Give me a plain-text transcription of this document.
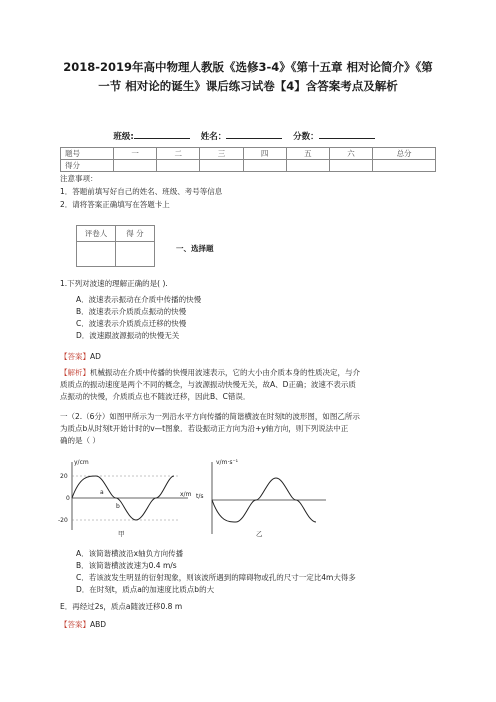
2018-2019年高中物理人教版《选修3-4》《第十五章 相对论简介》《第一节 相对论的诞生》课后练习试卷【4】含答案考点及解析
班级:	姓名：	分数：
题号	一	二	三	四	五	六	总分
得分							
注意事项：
1．答题前填写好自己的姓名、班级、考号等信息
2．请将答案正确填写在答题卡上
评卷人	得 分

一、选择题
1.下列对波速的理解正确的是( ).
A．波速表示振动在介质中传播的快慢
B．波速表示介质质点振动的快慢
C．波速表示介质质点迁移的快慢
D．波速跟波源振动的快慢无关
【答案】AD
【解析】机械振动在介质中传播的快慢用波速表示，它的大小由介质本身的性质决定，与介
质质点的振动速度是两个不同的概念，与波源振动快慢无关，故A、D正确；波速不表示质
点振动的快慢，介质质点也不随波迁移，因此B、C错误．
一（2.（6分）如图甲所示为一列沿水平方向传播的简谐横波在时刻t的波形图，如图乙所示
为质点b从时刻t开始计时的v—t图象．若设振动正方向为沿+y轴方向，则下列说法中正
确的是（ ）
y/cm
20
0
-20
x/m
a
b
甲
v/m·s⁻¹
t/s
乙
A．该简谐横波沿x轴负方向传播
B．该简谐横波波速为0.4 m/s
C．若该波发生明显的衍射现象，则该波所遇到的障碍物或孔的尺寸一定比4m大得多
D．在时刻t，质点a的加速度比质点b的大
E．再经过2s，质点a随波迁移0.8 m
【答案】ABD
